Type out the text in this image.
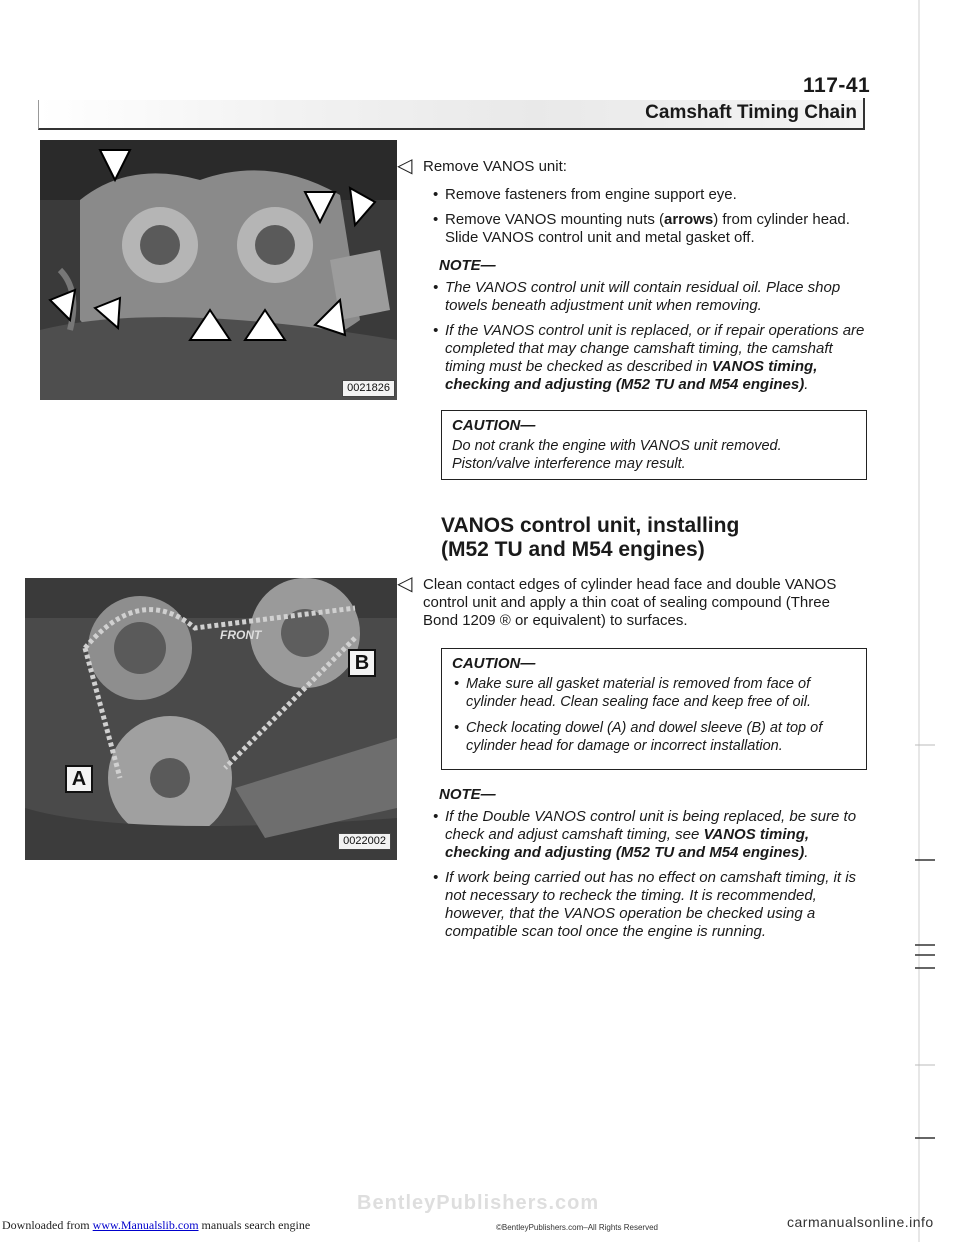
117-41
Camshaft Timing Chain
0021826
FRONT
B
A
0022002
◁ Remove VANOS unit:
• Remove fasteners from engine support eye.
• Remove VANOS mounting nuts (arrows) from cylinder head. Slide VANOS control unit and metal gasket off.
NOTE—
• The VANOS control unit will contain residual oil. Place shop towels beneath adjustment unit when removing.
• If the VANOS control unit is replaced, or if repair operations are completed that may change camshaft timing, the camshaft timing must be checked as described in VANOS timing, checking and adjusting (M52 TU and M54 engines).
CAUTION—
Do not crank the engine with VANOS unit removed. Piston/valve interference may result.
VANOS control unit, installing
(M52 TU and M54 engines)
◁ Clean contact edges of cylinder head face and double VANOS control unit and apply a thin coat of sealing compound (Three Bond 1209 ® or equivalent) to surfaces.
CAUTION—
• Make sure all gasket material is removed from face of cylinder head. Clean sealing face and keep free of oil.
• Check locating dowel (A) and dowel sleeve (B) at top of cylinder head for damage or incorrect installation.
NOTE—
• If the Double VANOS control unit is being replaced, be sure to check and adjust camshaft timing, see VANOS timing, checking and adjusting (M52 TU and M54 engines).
• If work being carried out has no effect on camshaft timing, it is not necessary to recheck the timing. It is recommended, however, that the VANOS operation be checked using a compatible scan tool once the engine is running.
BentleyPublishers.com
Downloaded from www.Manualslib.com manuals search engine	©BentleyPublishers.com–All Rights Reserved	carmanualsonline.info
